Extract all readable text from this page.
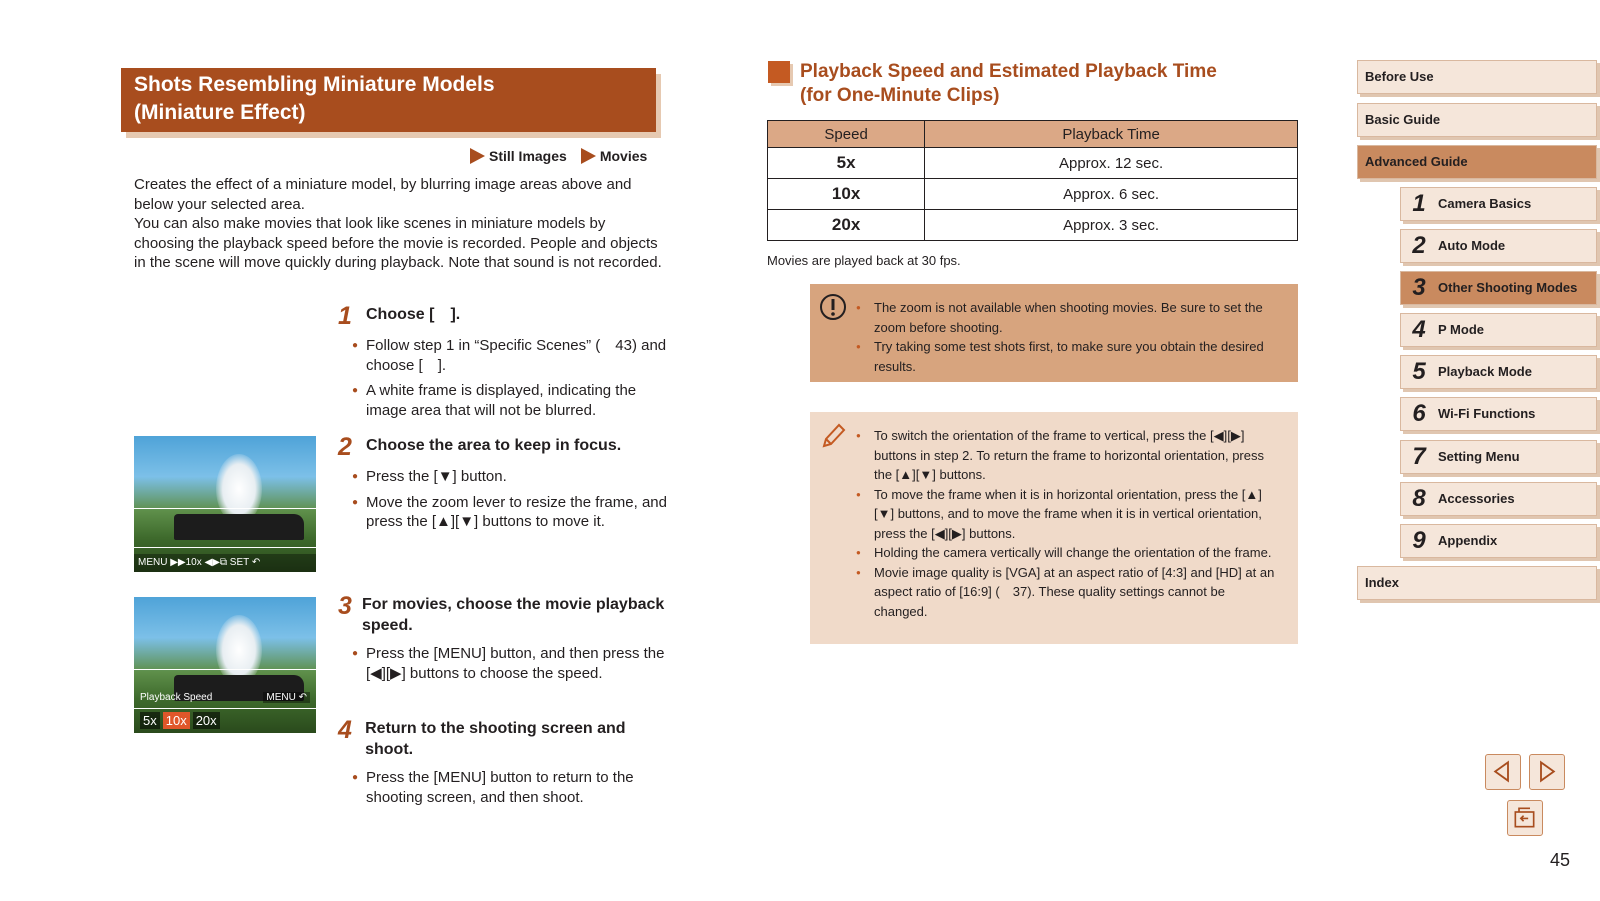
Shots Resembling Miniature Models
(Miniature Effect)
Still Images Movies

Creates the effect of a miniature model, by blurring image areas above and below your selected area.

You can also make movies that look like scenes in miniature models by choosing the playback speed before the movie is recorded. People and objects in the scene will move quickly during playback. Note that sound is not recorded.

1 Choose [ ].
● Follow step 1 in “Specific Scenes” ( 43) and choose [ ].
● A white frame is displayed, indicating the image area that will not be blurred.
2 Choose the area to keep in focus.
● Press the [▼] button.
● Move the zoom lever to resize the frame, and press the [▲][▼] buttons to move it.
3 For movies, choose the movie playback speed.
● Press the [MENU] button, and then press the [◀][▶] buttons to choose the speed.
4 Return to the shooting screen and shoot.
● Press the [MENU] button to return to the shooting screen, and then shoot.
MENU ▶▶10x ◀▶⧉ SET ↶
Playback Speed	MENU ↶
5x 10x 20x
Playback Speed and Estimated Playback Time
(for One-Minute Clips)
Speed	Playback Time
5x	Approx. 12 sec.
10x	Approx. 6 sec.
20x	Approx. 3 sec.
Movies are played back at 30 fps.
● The zoom is not available when shooting movies. Be sure to set the zoom before shooting.
● Try taking some test shots first, to make sure you obtain the desired results.
● To switch the orientation of the frame to vertical, press the [◀][▶] buttons in step 2. To return the frame to horizontal orientation, press the [▲][▼] buttons.
● To move the frame when it is in horizontal orientation, press the [▲][▼] buttons, and to move the frame when it is in vertical orientation, press the [◀][▶] buttons.
● Holding the camera vertically will change the orientation of the frame.
● Movie image quality is [VGA] at an aspect ratio of [4:3] and [HD] at an aspect ratio of [16:9] ( 37). These quality settings cannot be changed.
Before Use
Basic Guide
Advanced Guide
1 Camera Basics
2 Auto Mode
3 Other Shooting Modes
4 P Mode
5 Playback Mode
6 Wi-Fi Functions
7 Setting Menu
8 Accessories
9 Appendix
Index
45
